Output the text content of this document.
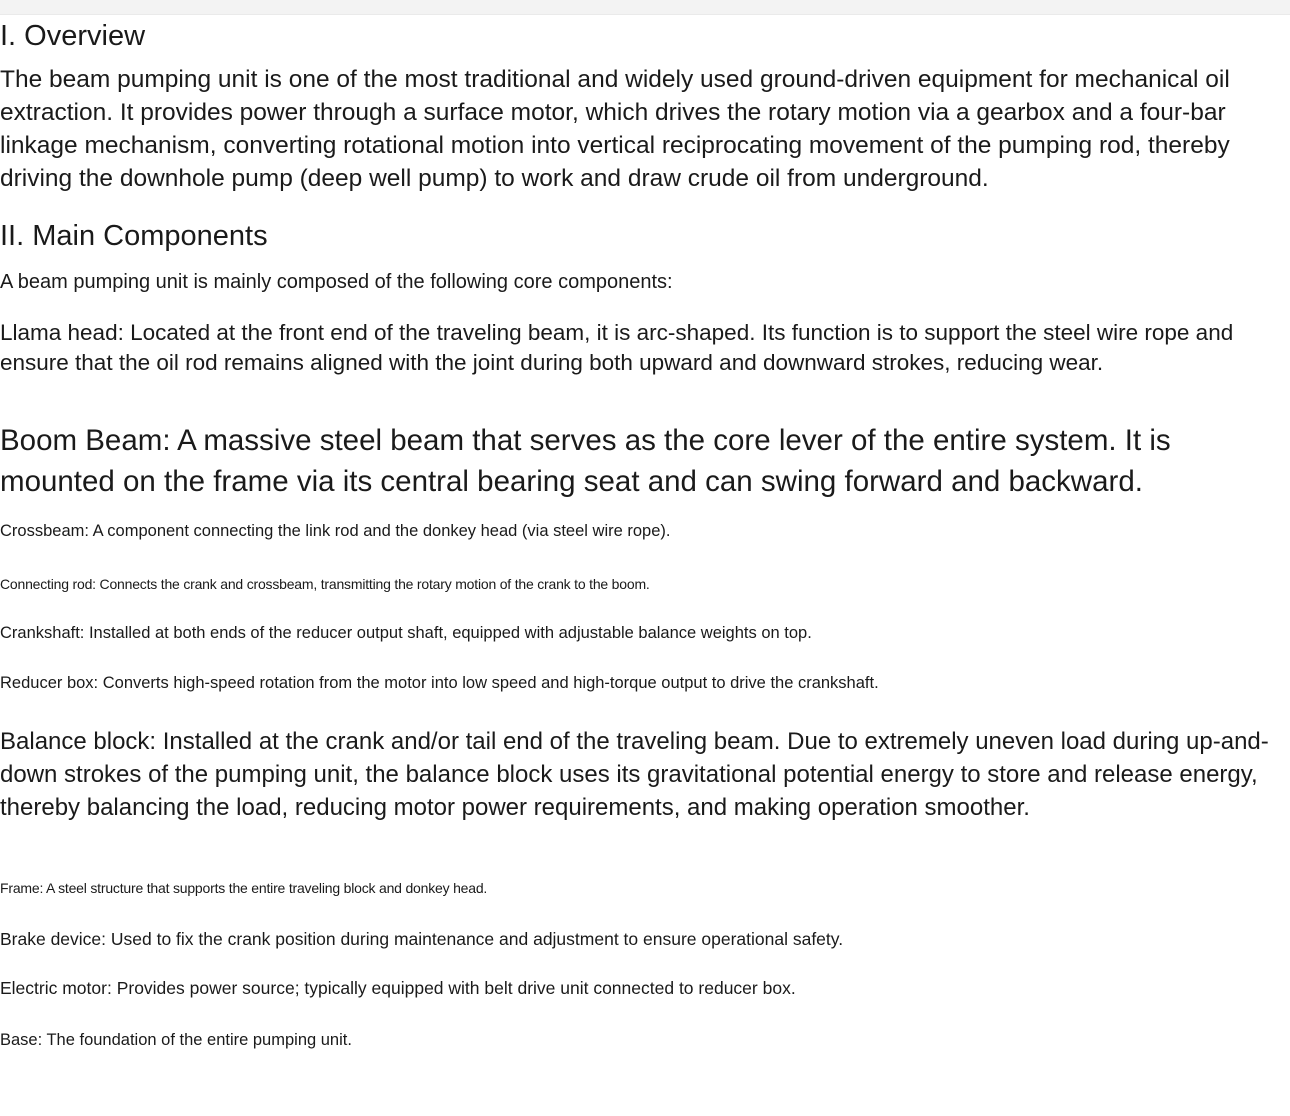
I. Overview

The beam pumping unit is one of the most traditional and widely used ground-driven equipment for mechanical oil extraction. It provides power through a surface motor, which drives the rotary motion via a gearbox and a four-bar linkage mechanism, converting rotational motion into vertical reciprocating movement of the pumping rod, thereby driving the downhole pump (deep well pump) to work and draw crude oil from underground.

II. Main Components

A beam pumping unit is mainly composed of the following core components:

Llama head: Located at the front end of the traveling beam, it is arc-shaped. Its function is to support the steel wire rope and ensure that the oil rod remains aligned with the joint during both upward and downward strokes, reducing wear.

Boom Beam: A massive steel beam that serves as the core lever of the entire system. It is mounted on the frame via its central bearing seat and can swing forward and backward.

Crossbeam: A component connecting the link rod and the donkey head (via steel wire rope).

Connecting rod: Connects the crank and crossbeam, transmitting the rotary motion of the crank to the boom.

Crankshaft: Installed at both ends of the reducer output shaft, equipped with adjustable balance weights on top.

Reducer box: Converts high-speed rotation from the motor into low speed and high-torque output to drive the crankshaft.

Balance block: Installed at the crank and/or tail end of the traveling beam. Due to extremely uneven load during up-and-down strokes of the pumping unit, the balance block uses its gravitational potential energy to store and release energy, thereby balancing the load, reducing motor power requirements, and making operation smoother.

Frame: A steel structure that supports the entire traveling block and donkey head.

Brake device: Used to fix the crank position during maintenance and adjustment to ensure operational safety.

Electric motor: Provides power source; typically equipped with belt drive unit connected to reducer box.

Base: The foundation of the entire pumping unit.
